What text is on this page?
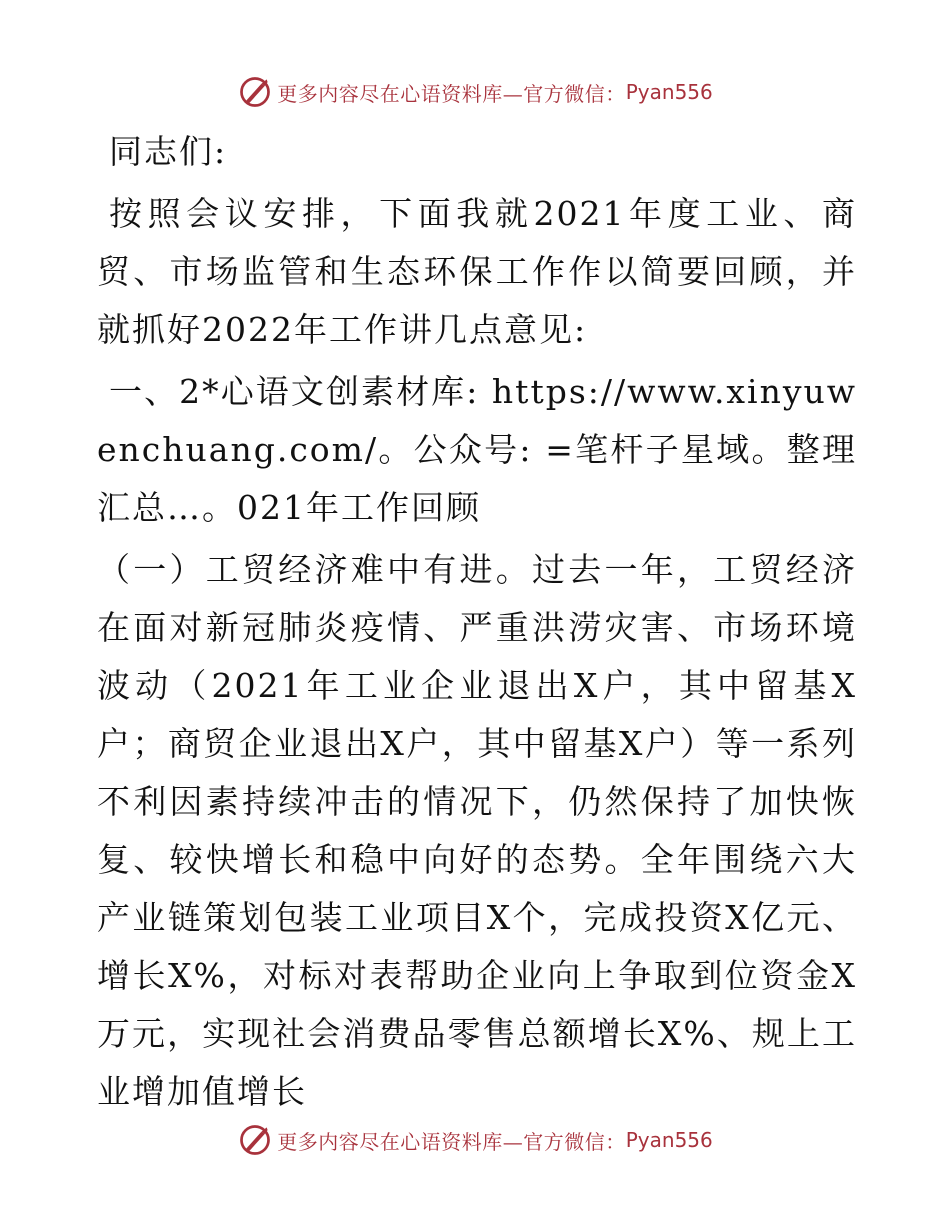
更多内容尽在心语资料库—官方微信： Pyan556

同志们:

按照会议安排，下面我就2021年度工业、商贸、市场监管和生态环保工作作以简要回顾，并就抓好2022年工作讲几点意见:

一、2*心语文创素材库: https://www.xinyuwenchuang.com/。公众号: =笔杆子星域。整理汇总…。021年工作回顾

（一）工贸经济难中有进。过去一年，工贸经济在面对新冠肺炎疫情、严重洪涝灾害、市场环境波动（2021年工业企业退出X户，其中留基X户；商贸企业退出X户，其中留基X户）等一系列不利因素持续冲击的情况下，仍然保持了加快恢复、较快增长和稳中向好的态势。全年围绕六大产业链策划包装工业项目X个，完成投资X亿元、增长X%，对标对表帮助企业向上争取到位资金X万元，实现社会消费品零售总额增长X%、规上工业增加值增长

更多内容尽在心语资料库—官方微信： Pyan556
